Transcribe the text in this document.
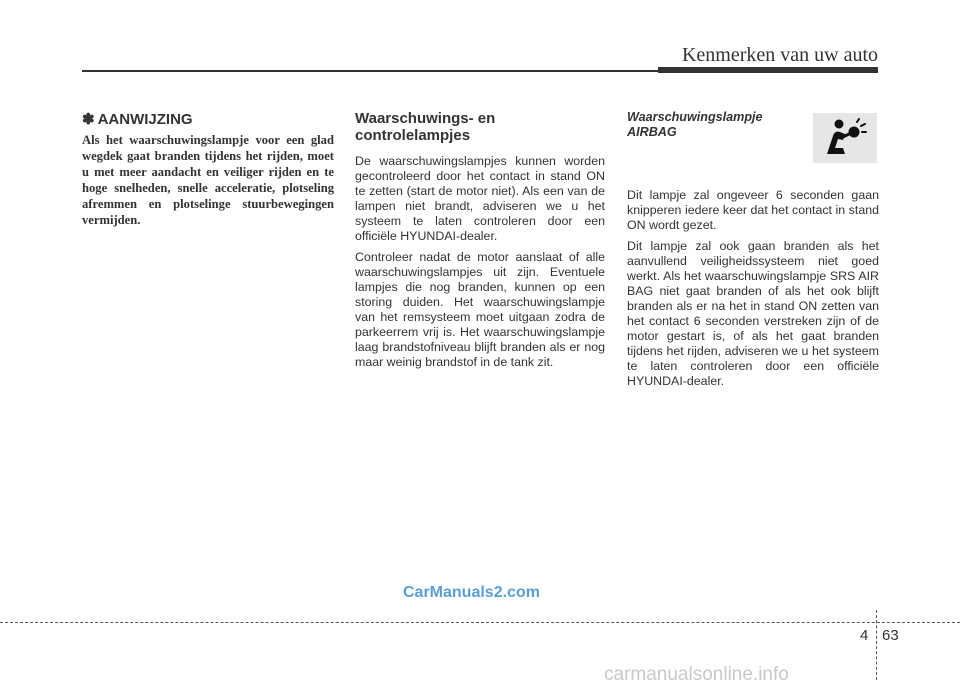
Kenmerken van uw auto
✽ AANWIJZING

Als het waarschuwingslampje voor een glad wegdek gaat branden tijdens het rijden, moet u met meer aandacht en veiliger rijden en te hoge snelheden, snelle acceleratie, plotseling afremmen en plotselinge stuurbewegingen vermijden.

Waarschuwings- en controlelampjes

De waarschuwingslampjes kunnen worden gecontroleerd door het contact in stand ON te zetten (start de motor niet). Als een van de lampen niet brandt, adviseren we u het systeem te laten controleren door een officiële HYUNDAI-dealer.

Controleer nadat de motor aanslaat of alle waarschuwingslampjes uit zijn. Eventuele lampjes die nog branden, kunnen op een storing duiden. Het waarschuwingslampje van het remsysteem moet uitgaan zodra de parkeerrem vrij is. Het waarschuwingslampje laag brandstofniveau blijft branden als er nog maar weinig brandstof in de tank zit.

Waarschuwingslampje AIRBAG

Dit lampje zal ongeveer 6 seconden gaan knipperen iedere keer dat het contact in stand ON wordt gezet.

Dit lampje zal ook gaan branden als het aanvullend veiligheidssysteem niet goed werkt. Als het waarschuwingslampje SRS AIR BAG niet gaat branden of als het ook blijft branden als er na het in stand ON zetten van het contact 6 seconden verstreken zijn of de motor gestart is, of als het gaat branden tijdens het rijden, adviseren we u het systeem te laten controleren door een officiële HYUNDAI-dealer.

CarManuals2.com
4 63
carmanualsonline.info
